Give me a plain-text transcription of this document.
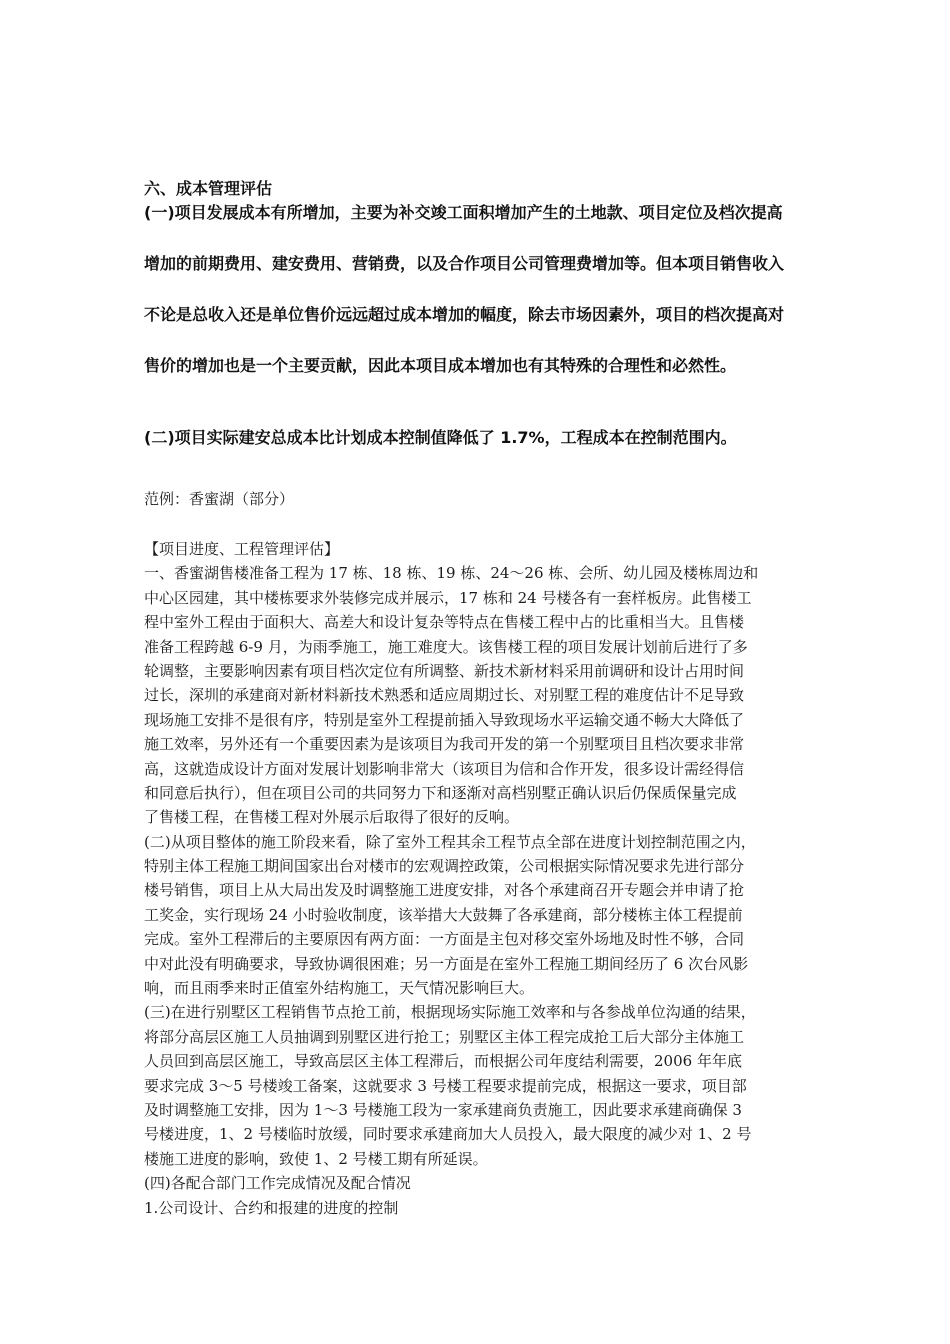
六、成本管理评估
(一)项目发展成本有所增加，主要为补交竣工面积增加产生的土地款、项目定位及档次提高
增加的前期费用、建安费用、营销费，以及合作项目公司管理费增加等。但本项目销售收入
不论是总收入还是单位售价远远超过成本增加的幅度，除去市场因素外，项目的档次提高对
售价的增加也是一个主要贡献，因此本项目成本增加也有其特殊的合理性和必然性。
(二)项目实际建安总成本比计划成本控制值降低了 1.7%，工程成本在控制范围内。
范例：香蜜湖（部分）
【项目进度、工程管理评估】
一、香蜜湖售楼准备工程为 17 栋、18 栋、19 栋、24～26 栋、会所、幼儿园及楼栋周边和
中心区园建，其中楼栋要求外装修完成并展示，17 栋和 24 号楼各有一套样板房。此售楼工
程中室外工程由于面积大、高差大和设计复杂等特点在售楼工程中占的比重相当大。且售楼
准备工程跨越 6-9 月，为雨季施工，施工难度大。该售楼工程的项目发展计划前后进行了多
轮调整，主要影响因素有项目档次定位有所调整、新技术新材料采用前调研和设计占用时间
过长，深圳的承建商对新材料新技术熟悉和适应周期过长、对别墅工程的难度估计不足导致
现场施工安排不是很有序，特别是室外工程提前插入导致现场水平运输交通不畅大大降低了
施工效率，另外还有一个重要因素为是该项目为我司开发的第一个别墅项目且档次要求非常
高，这就造成设计方面对发展计划影响非常大（该项目为信和合作开发，很多设计需经得信
和同意后执行），但在项目公司的共同努力下和逐渐对高档别墅正确认识后仍保质保量完成
了售楼工程，在售楼工程对外展示后取得了很好的反响。
(二)从项目整体的施工阶段来看，除了室外工程其余工程节点全部在进度计划控制范围之内，
特别主体工程施工期间国家出台对楼市的宏观调控政策，公司根据实际情况要求先进行部分
楼号销售，项目上从大局出发及时调整施工进度安排，对各个承建商召开专题会并申请了抢
工奖金，实行现场 24 小时验收制度，该举措大大鼓舞了各承建商，部分楼栋主体工程提前
完成。室外工程滞后的主要原因有两方面：一方面是主包对移交室外场地及时性不够，合同
中对此没有明确要求，导致协调很困难；另一方面是在室外工程施工期间经历了 6 次台风影
响，而且雨季来时正值室外结构施工，天气情况影响巨大。
(三)在进行别墅区工程销售节点抢工前，根据现场实际施工效率和与各参战单位沟通的结果，
将部分高层区施工人员抽调到别墅区进行抢工；别墅区主体工程完成抢工后大部分主体施工
人员回到高层区施工，导致高层区主体工程滞后，而根据公司年度结利需要，2006 年年底
要求完成 3～5 号楼竣工备案，这就要求 3 号楼工程要求提前完成，根据这一要求，项目部
及时调整施工安排，因为 1～3 号楼施工段为一家承建商负责施工，因此要求承建商确保 3
号楼进度，1、2 号楼临时放缓，同时要求承建商加大人员投入，最大限度的减少对 1、2 号
楼施工进度的影响，致使 1、2 号楼工期有所延误。
(四)各配合部门工作完成情况及配合情况
1.公司设计、合约和报建的进度的控制
